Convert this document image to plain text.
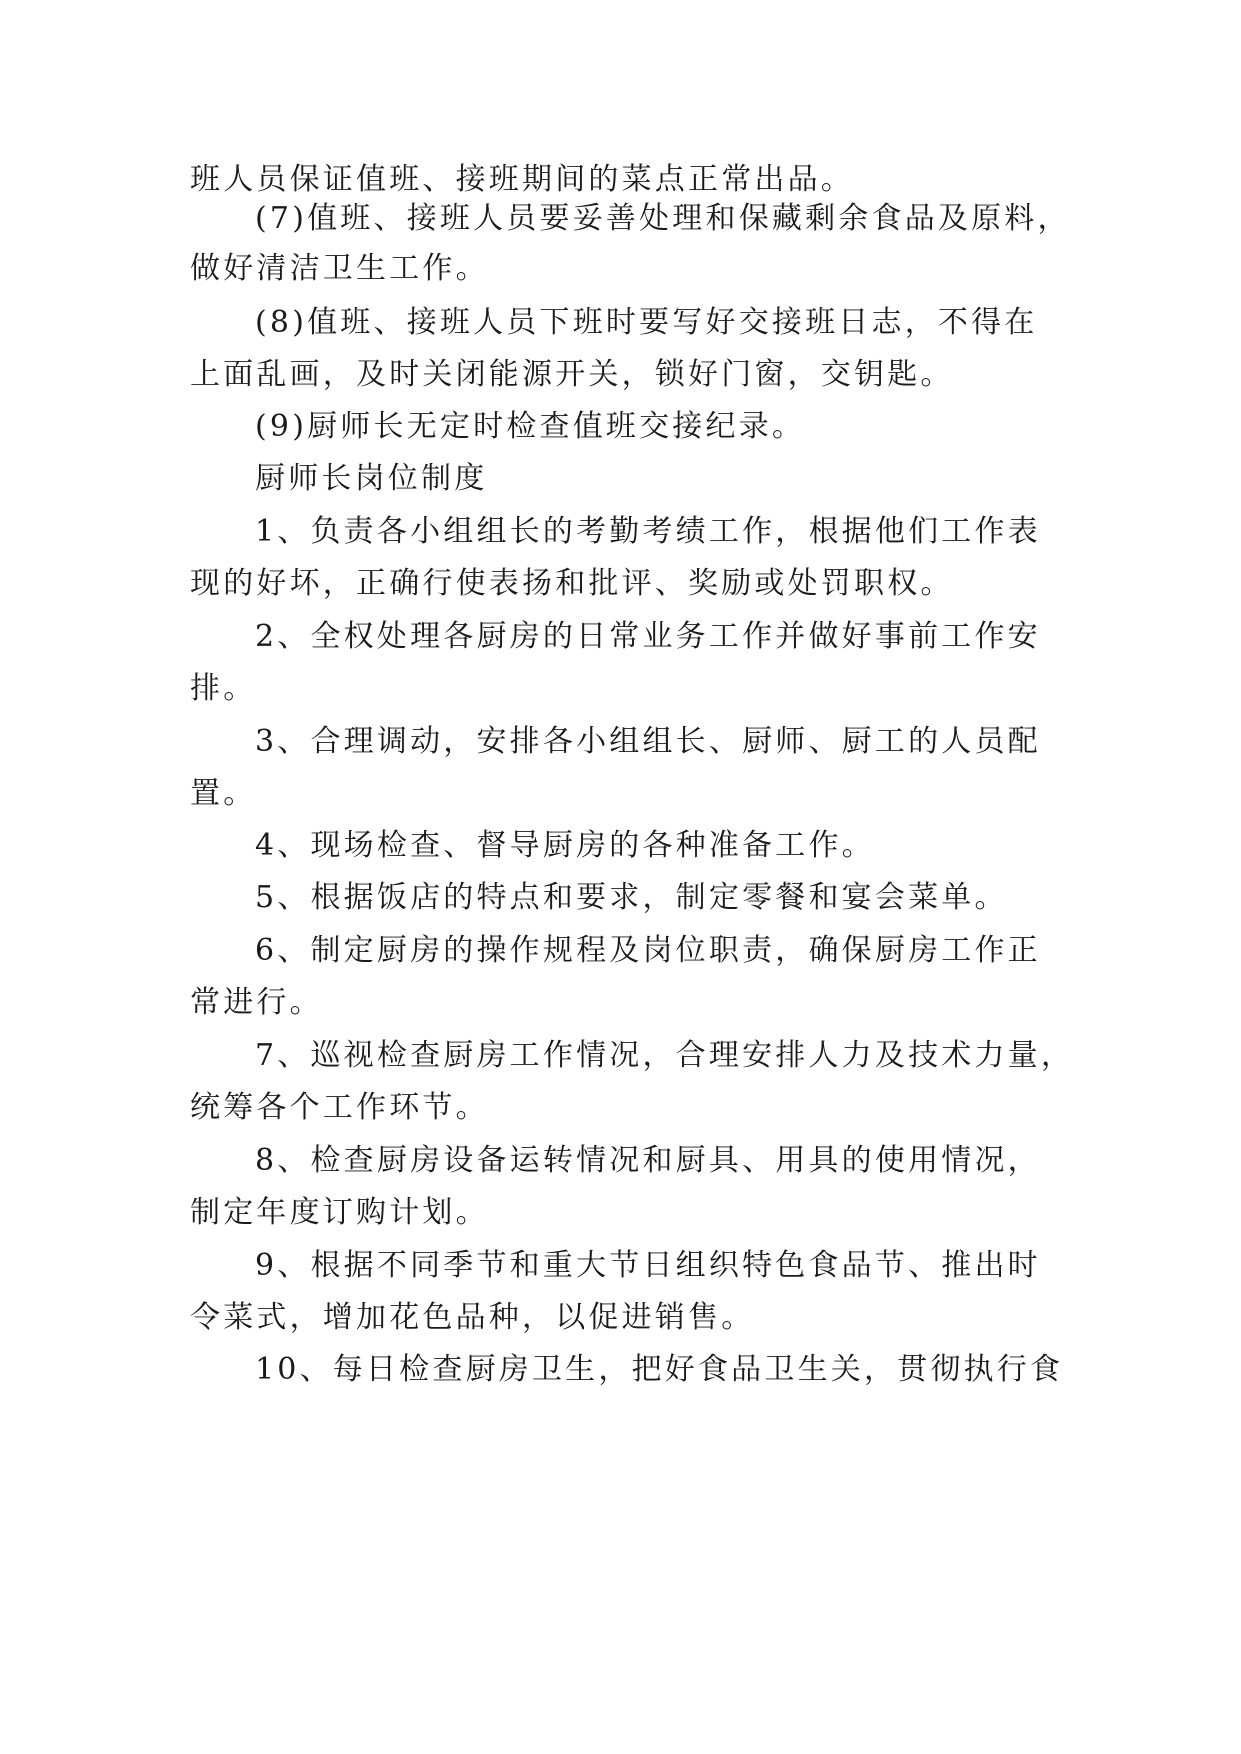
班人员保证值班、接班期间的菜点正常出品。
(7)值班、接班人员要妥善处理和保藏剩余食品及原料，
做好清洁卫生工作。
(8)值班、接班人员下班时要写好交接班日志，不得在
上面乱画，及时关闭能源开关，锁好门窗，交钥匙。
(9)厨师长无定时检查值班交接纪录。
厨师长岗位制度
1、负责各小组组长的考勤考绩工作，根据他们工作表
现的好坏，正确行使表扬和批评、奖励或处罚职权。
2、全权处理各厨房的日常业务工作并做好事前工作安
排。
3、合理调动，安排各小组组长、厨师、厨工的人员配
置。
4、现场检查、督导厨房的各种准备工作。
5、根据饭店的特点和要求，制定零餐和宴会菜单。
6、制定厨房的操作规程及岗位职责，确保厨房工作正
常进行。
7、巡视检查厨房工作情况，合理安排人力及技术力量，
统筹各个工作环节。
8、检查厨房设备运转情况和厨具、用具的使用情况，
制定年度订购计划。
9、根据不同季节和重大节日组织特色食品节、推出时
令菜式，增加花色品种，以促进销售。
10、每日检查厨房卫生，把好食品卫生关，贯彻执行食
